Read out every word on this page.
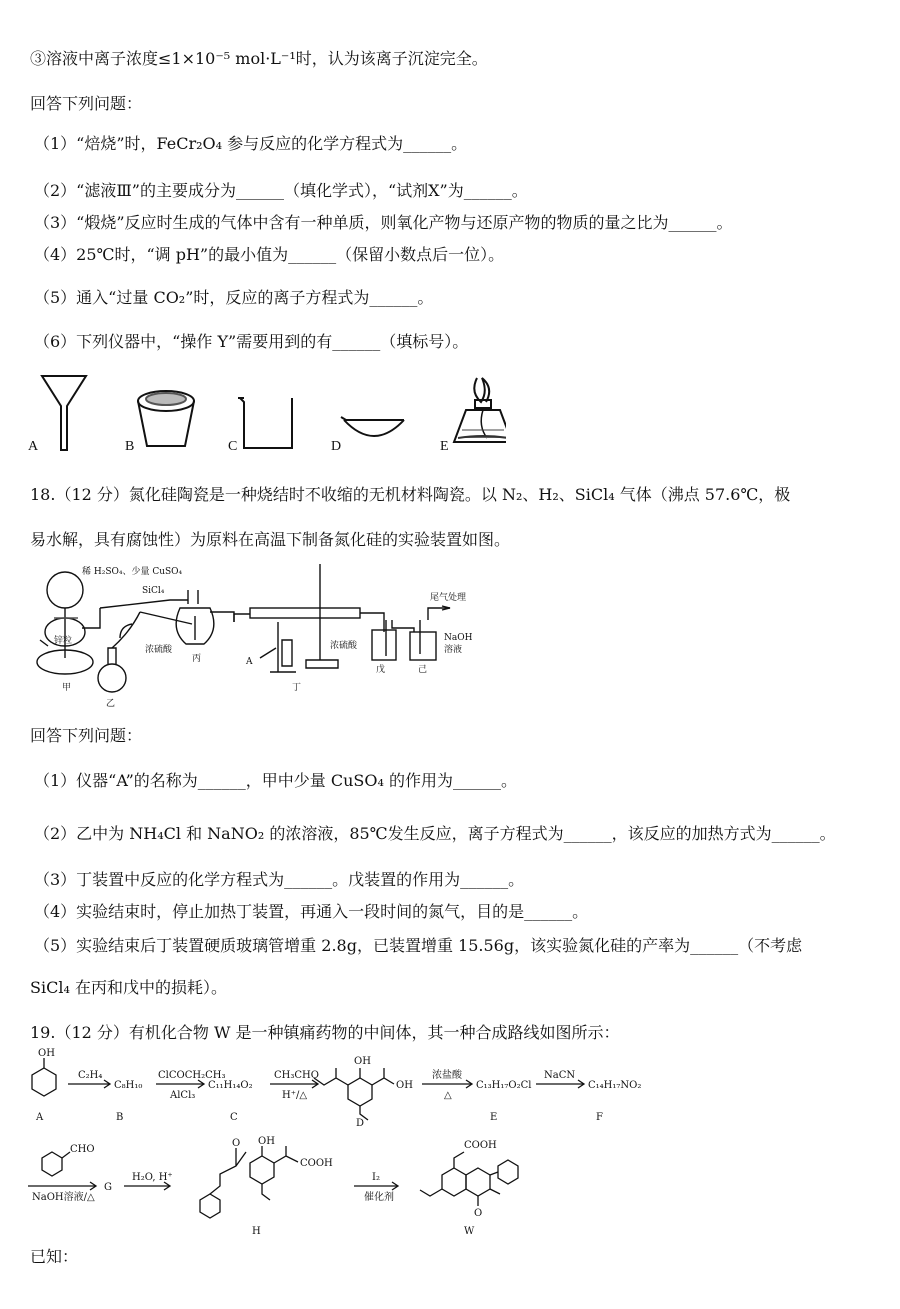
③溶液中离子浓度≤1×10⁻⁵ mol·L⁻¹时，认为该离子沉淀完全。
回答下列问题：
（1）“焙烧”时，FeCr₂O₄ 参与反应的化学方程式为______。
（2）“滤液Ⅲ”的主要成分为______（填化学式），“试剂X”为______。
（3）“煅烧”反应时生成的气体中含有一种单质，则氧化产物与还原产物的物质的量之比为______。
（4）25℃时，“调 pH”的最小值为______（保留小数点后一位）。
（5）通入“过量 CO₂”时，反应的离子方程式为______。
（6）下列仪器中，“操作 Y”需要用到的有______（填标号）。
A	B	C	D	E
18.（12 分）氮化硅陶瓷是一种烧结时不收缩的无机材料陶瓷。以 N₂、H₂、SiCl₄ 气体（沸点 57.6℃，极
易水解，具有腐蚀性）为原料在高温下制备氮化硅的实验装置如图。
稀 H₂SO₄、少量 CuSO₄
SiCl₄
锌粒
浓硫酸	浓硫酸
尾气处理
NaOH
溶液
甲
乙
丙
丁
戊	己
A
回答下列问题：
（1）仪器“A”的名称为______，甲中少量 CuSO₄ 的作用为______。
（2）乙中为 NH₄Cl 和 NaNO₂ 的浓溶液，85℃发生反应，离子方程式为______，该反应的加热方式为______。
（3）丁装置中反应的化学方程式为______。戊装置的作用为______。
（4）实验结束时，停止加热丁装置，再通入一段时间的氮气，目的是______。
（5）实验结束后丁装置硬质玻璃管增重 2.8g，已装置增重 15.56g，该实验氮化硅的产率为______（不考虑
SiCl₄ 在丙和戊中的损耗）。
19.（12 分）有机化合物 W 是一种镇痛药物的中间体，其一种合成路线如图所示：
OH
C₂H₄
C₈H₁₀
ClCOCH₂CH₃
AlCl₃
C₁₁H₁₄O₂
CH₃CHO
H⁺/△
OH
OH
浓盐酸
△
C₁₃H₁₇O₂Cl
NaCN
C₁₄H₁₇NO₂
A	B	C
D
E	F
CHO
NaOH溶液/△
G
H₂O, H⁺
O OH
COOH
H
I₂
催化剂
COOH
O
W
已知：
